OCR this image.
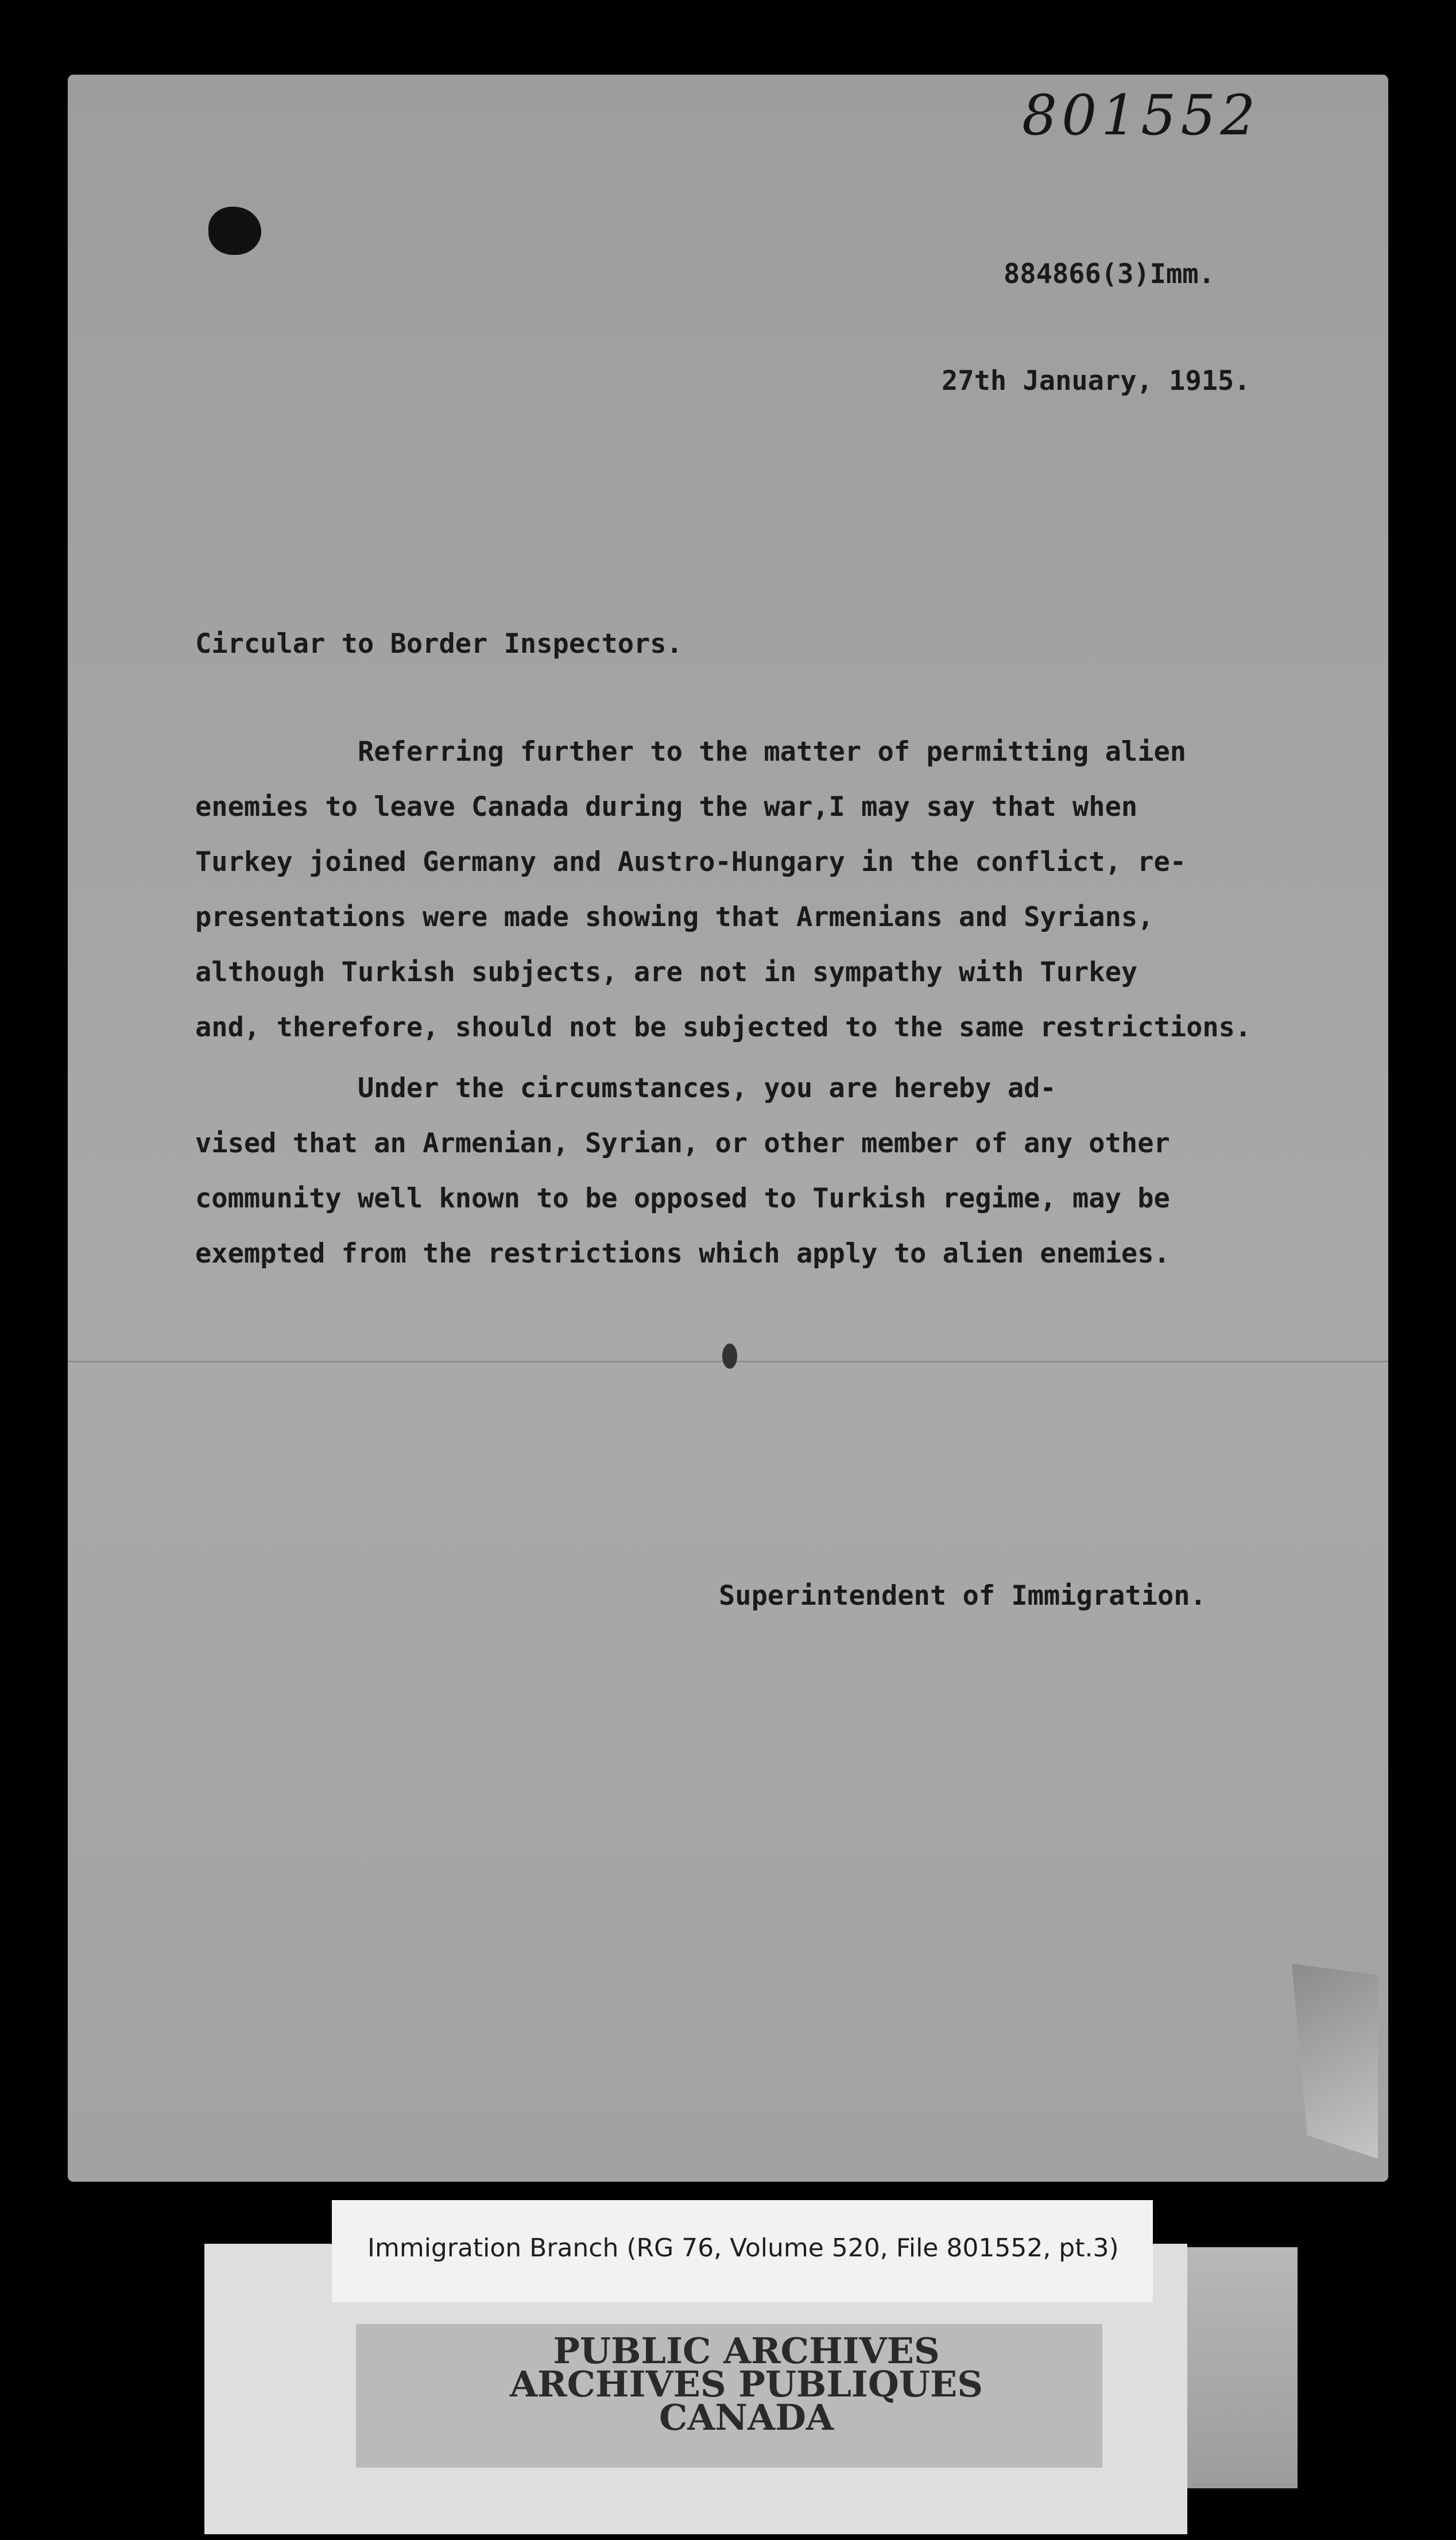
801552
884866(3)Imm.
27th January, 1915.
Circular to Border Inspectors.

Referring further to the matter of permitting alien

enemies to leave Canada during the war,I may say that when

Turkey joined Germany and Austro-Hungary in the conflict, re-

presentations were made showing that Armenians and Syrians,

although Turkish subjects, are not in sympathy with Turkey

and, therefore, should not be subjected to the same restrictions.

Under the circumstances, you are hereby ad-

vised that an Armenian, Syrian, or other member of any other

community well known to be opposed to Turkish regime, may be

exempted from the restrictions which apply to alien enemies.

Superintendent of Immigration.
Immigration Branch (RG 76, Volume 520, File 801552, pt.3)
PUBLIC ARCHIVES
ARCHIVES PUBLIQUES
CANADA
